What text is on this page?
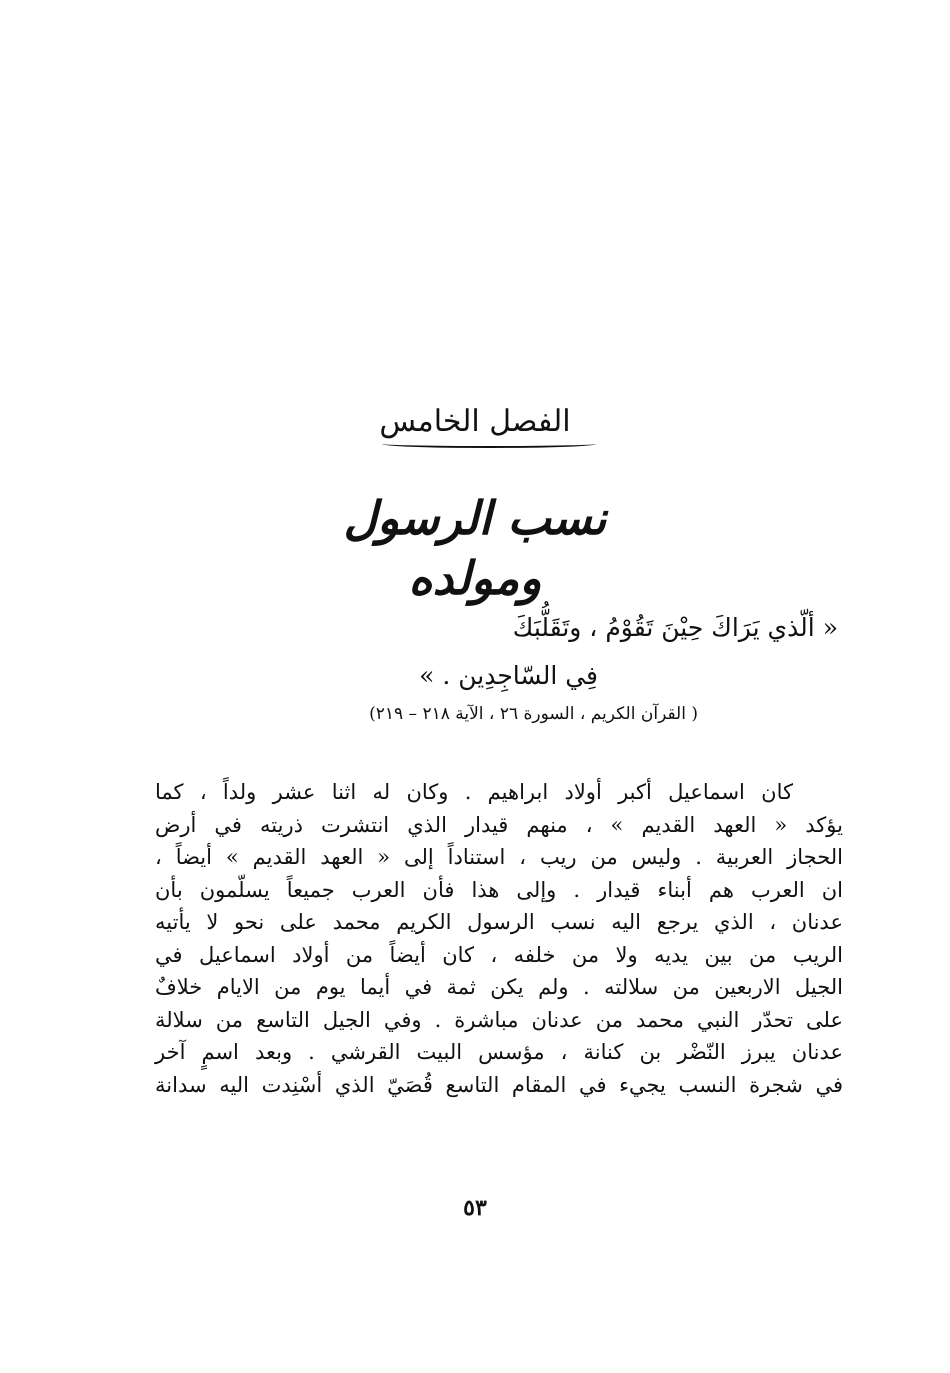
الفصل الخامس
نسب الرسول ومولده
« ألّذي يَرَاكَ حِيْنَ تَقُوْمُ ، وتَقَلُّبَكَ
فِي السّاجِدِين . »
( القرآن الكريم ، السورة ٢٦ ، الآية ٢١٨ – ٢١٩)
كان اسماعيل أكبر أولاد ابراهيم . وكان له اثنا عشر ولداً ، كما
يؤكد « العهد القديم » ، منهم قيدار الذي انتشرت ذريته في أرض
الحجاز العربية . وليس من ريب ، استناداً إلى « العهد القديم » أيضاً ،
ان العرب هم أبناء قيدار . وإلى هذا فأن العرب جميعاً يسلّمون بأن
عدنان ، الذي يرجع اليه نسب الرسول الكريم محمد على نحو لا يأتيه
الريب من بين يديه ولا من خلفه ، كان أيضاً من أولاد اسماعيل في
الجيل الاربعين من سلالته . ولم يكن ثمة في أيما يوم من الايام خلافٌ
على تحدّر النبي محمد من عدنان مباشرة . وفي الجيل التاسع من سلالة
عدنان يبرز النّضْر بن كنانة ، مؤسس البيت القرشي . وبعد اسمٍ آخر
في شجرة النسب يجيء في المقام التاسع قُصَيّ الذي أسْنِدت اليه سدانة
٥٣
